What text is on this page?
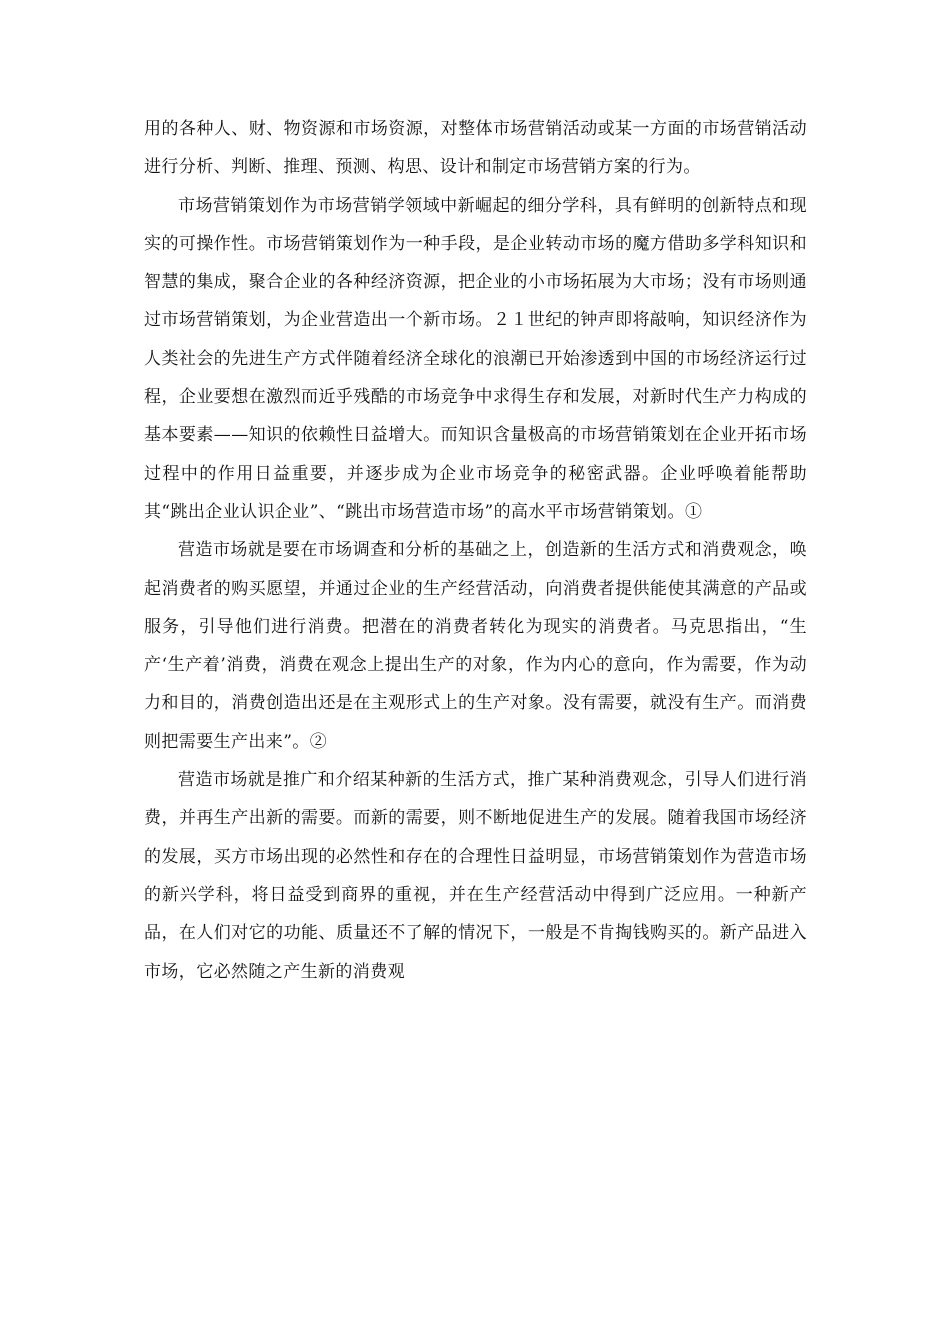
用的各种人、财、物资源和市场资源，对整体市场营销活动或某一方面的市场营销活动进行分析、判断、推理、预测、构思、设计和制定市场营销方案的行为。

市场营销策划作为市场营销学领域中新崛起的细分学科，具有鲜明的创新特点和现实的可操作性。市场营销策划作为一种手段，是企业转动市场的魔方借助多学科知识和智慧的集成，聚合企业的各种经济资源，把企业的小市场拓展为大市场；没有市场则通过市场营销策划，为企业营造出一个新市场。２１世纪的钟声即将敲响，知识经济作为人类社会的先进生产方式伴随着经济全球化的浪潮已开始渗透到中国的市场经济运行过程，企业要想在激烈而近乎残酷的市场竞争中求得生存和发展，对新时代生产力构成的基本要素——知识的依赖性日益增大。而知识含量极高的市场营销策划在企业开拓市场过程中的作用日益重要，并逐步成为企业市场竞争的秘密武器。企业呼唤着能帮助其“跳出企业认识企业”、“跳出市场营造市场”的高水平市场营销策划。①

营造市场就是要在市场调查和分析的基础之上，创造新的生活方式和消费观念，唤起消费者的购买愿望，并通过企业的生产经营活动，向消费者提供能使其满意的产品或服务，引导他们进行消费。把潜在的消费者转化为现实的消费者。马克思指出，“生产‘生产着’消费，消费在观念上提出生产的对象，作为内心的意向，作为需要，作为动力和目的，消费创造出还是在主观形式上的生产对象。没有需要，就没有生产。而消费则把需要生产出来”。②

营造市场就是推广和介绍某种新的生活方式，推广某种消费观念，引导人们进行消费，并再生产出新的需要。而新的需要，则不断地促进生产的发展。随着我国市场经济的发展，买方市场出现的必然性和存在的合理性日益明显，市场营销策划作为营造市场的新兴学科，将日益受到商界的重视，并在生产经营活动中得到广泛应用。一种新产品，在人们对它的功能、质量还不了解的情况下，一般是不肯掏钱购买的。新产品进入市场，它必然随之产生新的消费观
